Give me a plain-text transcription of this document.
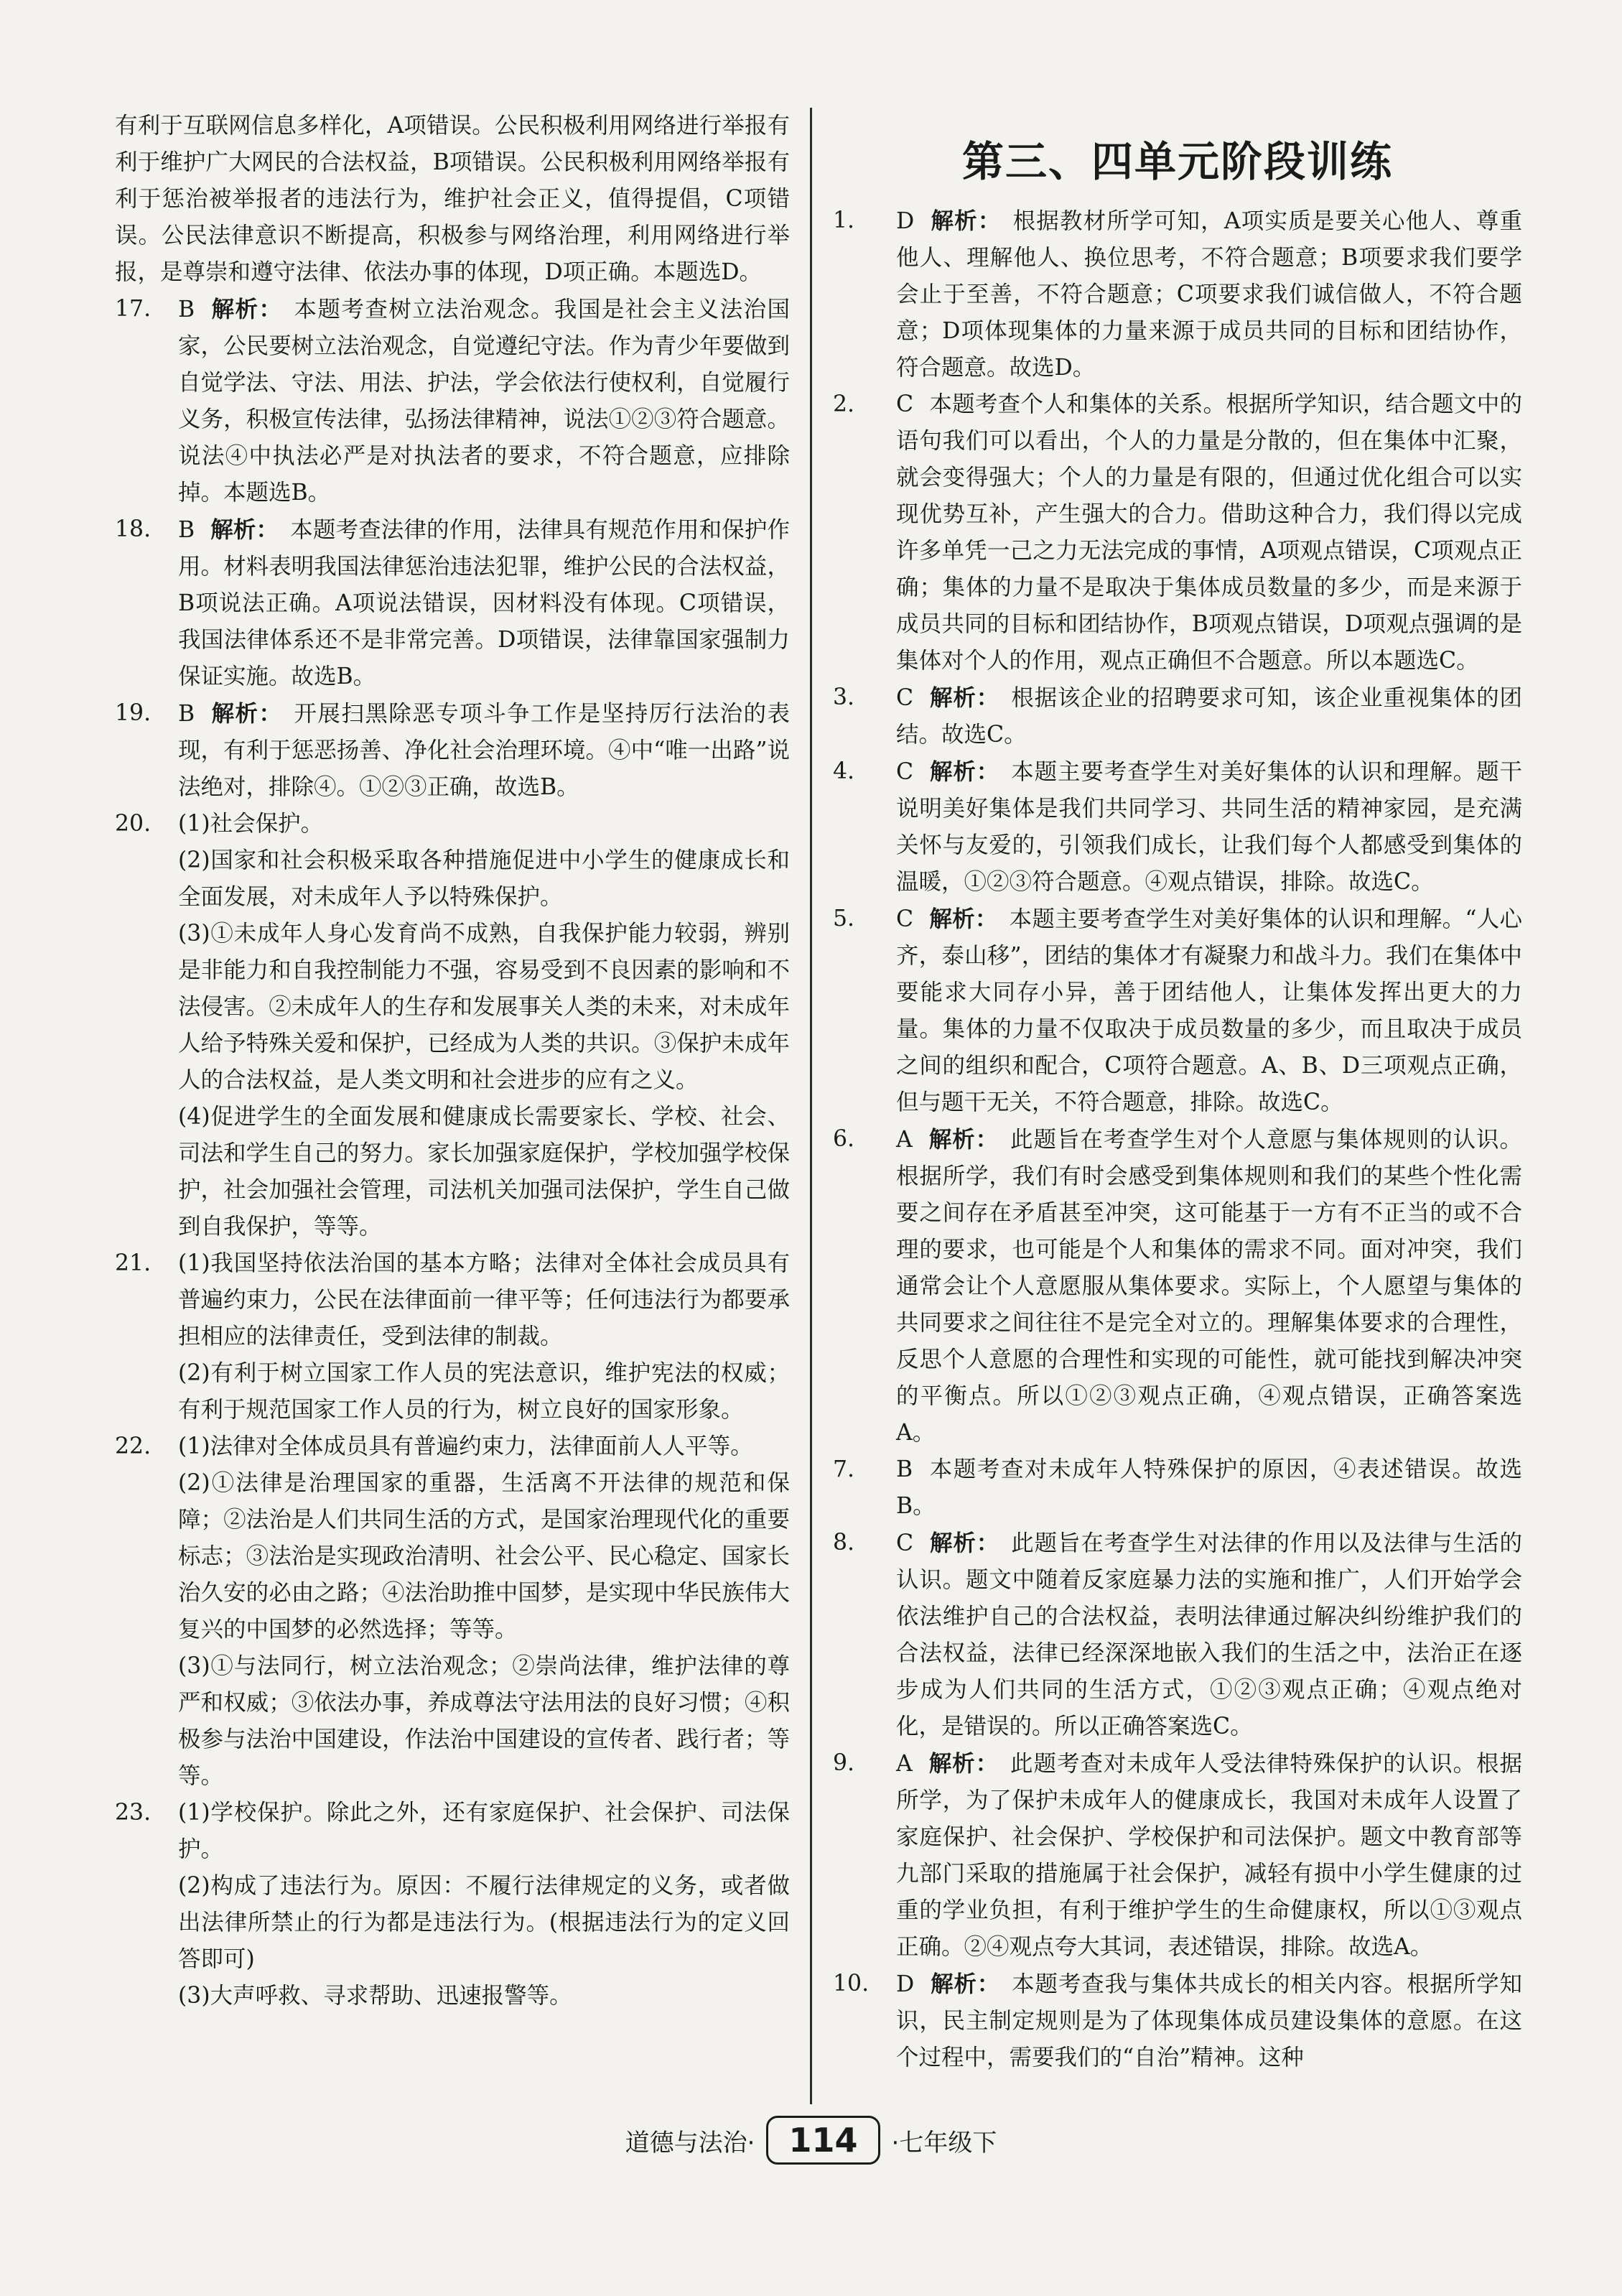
有利于互联网信息多样化，A项错误。公民积极利用网络进行举报有利于维护广大网民的合法权益，B项错误。公民积极利用网络举报有利于惩治被举报者的违法行为，维护社会正义，值得提倡，C项错误。公民法律意识不断提高，积极参与网络治理，利用网络进行举报，是尊崇和遵守法律、依法办事的体现，D项正确。本题选D。

17. B 解析： 本题考查树立法治观念。我国是社会主义法治国家，公民要树立法治观念，自觉遵纪守法。作为青少年要做到自觉学法、守法、用法、护法，学会依法行使权利，自觉履行义务，积极宣传法律，弘扬法律精神，说法①②③符合题意。说法④中执法必严是对执法者的要求，不符合题意，应排除掉。本题选B。

18. B 解析： 本题考查法律的作用，法律具有规范作用和保护作用。材料表明我国法律惩治违法犯罪，维护公民的合法权益，B项说法正确。A项说法错误，因材料没有体现。C项错误，我国法律体系还不是非常完善。D项错误，法律靠国家强制力保证实施。故选B。

19. B 解析： 开展扫黑除恶专项斗争工作是坚持厉行法治的表现，有利于惩恶扬善、净化社会治理环境。④中“唯一出路”说法绝对，排除④。①②③正确，故选B。

20. (1)社会保护。

(2)国家和社会积极采取各种措施促进中小学生的健康成长和全面发展，对未成年人予以特殊保护。

(3)①未成年人身心发育尚不成熟，自我保护能力较弱，辨别是非能力和自我控制能力不强，容易受到不良因素的影响和不法侵害。②未成年人的生存和发展事关人类的未来，对未成年人给予特殊关爱和保护，已经成为人类的共识。③保护未成年人的合法权益，是人类文明和社会进步的应有之义。

(4)促进学生的全面发展和健康成长需要家长、学校、社会、司法和学生自己的努力。家长加强家庭保护，学校加强学校保护，社会加强社会管理，司法机关加强司法保护，学生自己做到自我保护，等等。

21. (1)我国坚持依法治国的基本方略；法律对全体社会成员具有普遍约束力，公民在法律面前一律平等；任何违法行为都要承担相应的法律责任，受到法律的制裁。

(2)有利于树立国家工作人员的宪法意识，维护宪法的权威；有利于规范国家工作人员的行为，树立良好的国家形象。

22. (1)法律对全体成员具有普遍约束力，法律面前人人平等。

(2)①法律是治理国家的重器，生活离不开法律的规范和保障；②法治是人们共同生活的方式，是国家治理现代化的重要标志；③法治是实现政治清明、社会公平、民心稳定、国家长治久安的必由之路；④法治助推中国梦，是实现中华民族伟大复兴的中国梦的必然选择；等等。

(3)①与法同行，树立法治观念；②崇尚法律，维护法律的尊严和权威；③依法办事，养成尊法守法用法的良好习惯；④积极参与法治中国建设，作法治中国建设的宣传者、践行者；等等。

23. (1)学校保护。除此之外，还有家庭保护、社会保护、司法保护。

(2)构成了违法行为。原因：不履行法律规定的义务，或者做出法律所禁止的行为都是违法行为。(根据违法行为的定义回答即可)

(3)大声呼救、寻求帮助、迅速报警等。

第三、四单元阶段训练

1. D 解析： 根据教材所学可知，A项实质是要关心他人、尊重他人、理解他人、换位思考，不符合题意；B项要求我们要学会止于至善，不符合题意；C项要求我们诚信做人，不符合题意；D项体现集体的力量来源于成员共同的目标和团结协作，符合题意。故选D。

2. C 本题考查个人和集体的关系。根据所学知识，结合题文中的语句我们可以看出，个人的力量是分散的，但在集体中汇聚，就会变得强大；个人的力量是有限的，但通过优化组合可以实现优势互补，产生强大的合力。借助这种合力，我们得以完成许多单凭一己之力无法完成的事情，A项观点错误，C项观点正确；集体的力量不是取决于集体成员数量的多少，而是来源于成员共同的目标和团结协作，B项观点错误，D项观点强调的是集体对个人的作用，观点正确但不合题意。所以本题选C。

3. C 解析： 根据该企业的招聘要求可知，该企业重视集体的团结。故选C。

4. C 解析： 本题主要考查学生对美好集体的认识和理解。题干说明美好集体是我们共同学习、共同生活的精神家园，是充满关怀与友爱的，引领我们成长，让我们每个人都感受到集体的温暖，①②③符合题意。④观点错误，排除。故选C。

5. C 解析： 本题主要考查学生对美好集体的认识和理解。“人心齐，泰山移”，团结的集体才有凝聚力和战斗力。我们在集体中要能求大同存小异，善于团结他人，让集体发挥出更大的力量。集体的力量不仅取决于成员数量的多少，而且取决于成员之间的组织和配合，C项符合题意。A、B、D三项观点正确，但与题干无关，不符合题意，排除。故选C。

6. A 解析： 此题旨在考查学生对个人意愿与集体规则的认识。根据所学，我们有时会感受到集体规则和我们的某些个性化需要之间存在矛盾甚至冲突，这可能基于一方有不正当的或不合理的要求，也可能是个人和集体的需求不同。面对冲突，我们通常会让个人意愿服从集体要求。实际上，个人愿望与集体的共同要求之间往往不是完全对立的。理解集体要求的合理性，反思个人意愿的合理性和实现的可能性，就可能找到解决冲突的平衡点。所以①②③观点正确，④观点错误，正确答案选A。

7. B 本题考查对未成年人特殊保护的原因，④表述错误。故选B。

8. C 解析： 此题旨在考查学生对法律的作用以及法律与生活的认识。题文中随着反家庭暴力法的实施和推广，人们开始学会依法维护自己的合法权益，表明法律通过解决纠纷维护我们的合法权益，法律已经深深地嵌入我们的生活之中，法治正在逐步成为人们共同的生活方式，①②③观点正确；④观点绝对化，是错误的。所以正确答案选C。

9. A 解析： 此题考查对未成年人受法律特殊保护的认识。根据所学，为了保护未成年人的健康成长，我国对未成年人设置了家庭保护、社会保护、学校保护和司法保护。题文中教育部等九部门采取的措施属于社会保护，减轻有损中小学生健康的过重的学业负担，有利于维护学生的生命健康权，所以①③观点正确。②④观点夸大其词，表述错误，排除。故选A。

10. D 解析： 本题考查我与集体共成长的相关内容。根据所学知识，民主制定规则是为了体现集体成员建设集体的意愿。在这个过程中，需要我们的“自治”精神。这种

道德与法治·	114	·七年级下
